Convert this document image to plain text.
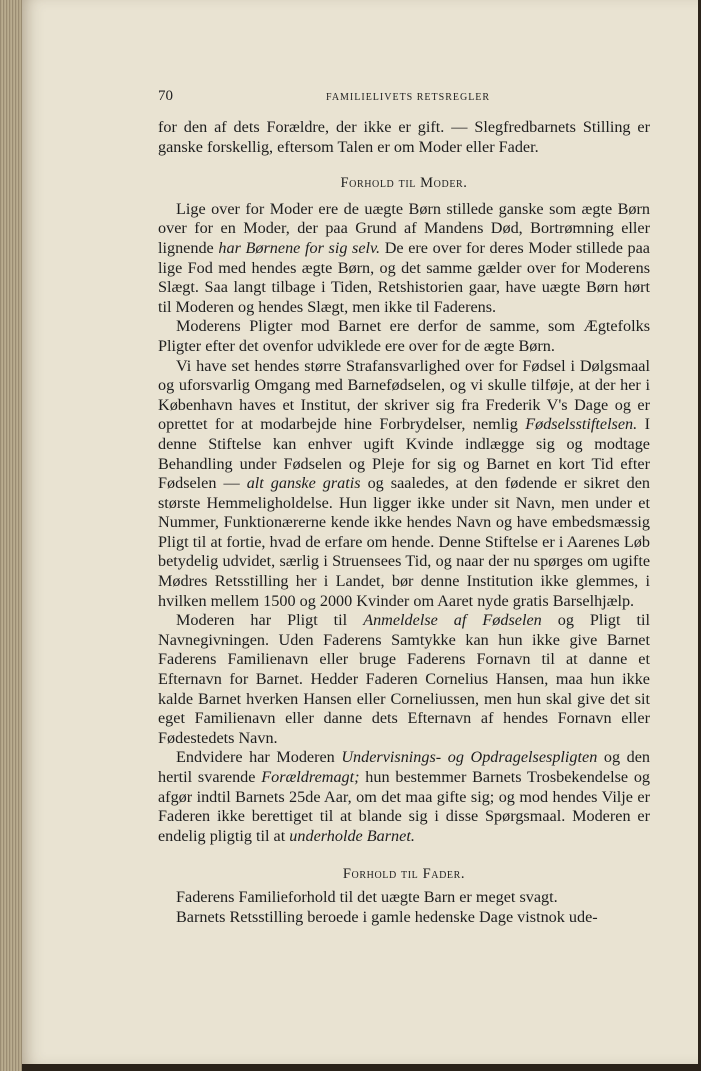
70	FAMILIELIVETS RETSREGLER

for den af dets Forældre, der ikke er gift. — Slegfredbarnets Stilling er ganske forskellig, eftersom Talen er om Moder eller Fader.

Forhold til Moder.

Lige over for Moder ere de uægte Børn stillede ganske som ægte Børn over for en Moder, der paa Grund af Mandens Død, Bortrømning eller lignende har Børnene for sig selv. De ere over for deres Moder stillede paa lige Fod med hendes ægte Børn, og det samme gælder over for Moderens Slægt. Saa langt tilbage i Tiden, Retshistorien gaar, have uægte Børn hørt til Moderen og hendes Slægt, men ikke til Faderens.

Moderens Pligter mod Barnet ere derfor de samme, som Ægtefolks Pligter efter det ovenfor udviklede ere over for de ægte Børn.

Vi have set hendes større Strafansvarlighed over for Fødsel i Dølgsmaal og uforsvarlig Omgang med Barnefødselen, og vi skulle tilføje, at der her i København haves et Institut, der skriver sig fra Frederik V's Dage og er oprettet for at modarbejde hine Forbrydelser, nemlig Fødselsstiftelsen. I denne Stiftelse kan enhver ugift Kvinde indlægge sig og modtage Behandling under Fødselen og Pleje for sig og Barnet en kort Tid efter Fødselen — alt ganske gratis og saaledes, at den fødende er sikret den største Hemmeligholdelse. Hun ligger ikke under sit Navn, men under et Nummer, Funktionærerne kende ikke hendes Navn og have embedsmæssig Pligt til at fortie, hvad de erfare om hende. Denne Stiftelse er i Aarenes Løb betydelig udvidet, særlig i Struensees Tid, og naar der nu spørges om ugifte Mødres Retsstilling her i Landet, bør denne Institution ikke glemmes, i hvilken mellem 1500 og 2000 Kvinder om Aaret nyde gratis Barselhjælp.

Moderen har Pligt til Anmeldelse af Fødselen og Pligt til Navnegivningen. Uden Faderens Samtykke kan hun ikke give Barnet Faderens Familienavn eller bruge Faderens Fornavn til at danne et Efternavn for Barnet. Hedder Faderen Cornelius Hansen, maa hun ikke kalde Barnet hverken Hansen eller Corneliussen, men hun skal give det sit eget Familienavn eller danne dets Efternavn af hendes Fornavn eller Fødestedets Navn.

Endvidere har Moderen Undervisnings- og Opdragelsespligten og den hertil svarende Forældremagt; hun bestemmer Barnets Trosbekendelse og afgør indtil Barnets 25de Aar, om det maa gifte sig; og mod hendes Vilje er Faderen ikke berettiget til at blande sig i disse Spørgsmaal. Moderen er endelig pligtig til at underholde Barnet.

Forhold til Fader.

Faderens Familieforhold til det uægte Barn er meget svagt.

Barnets Retsstilling beroede i gamle hedenske Dage vistnok ude-
